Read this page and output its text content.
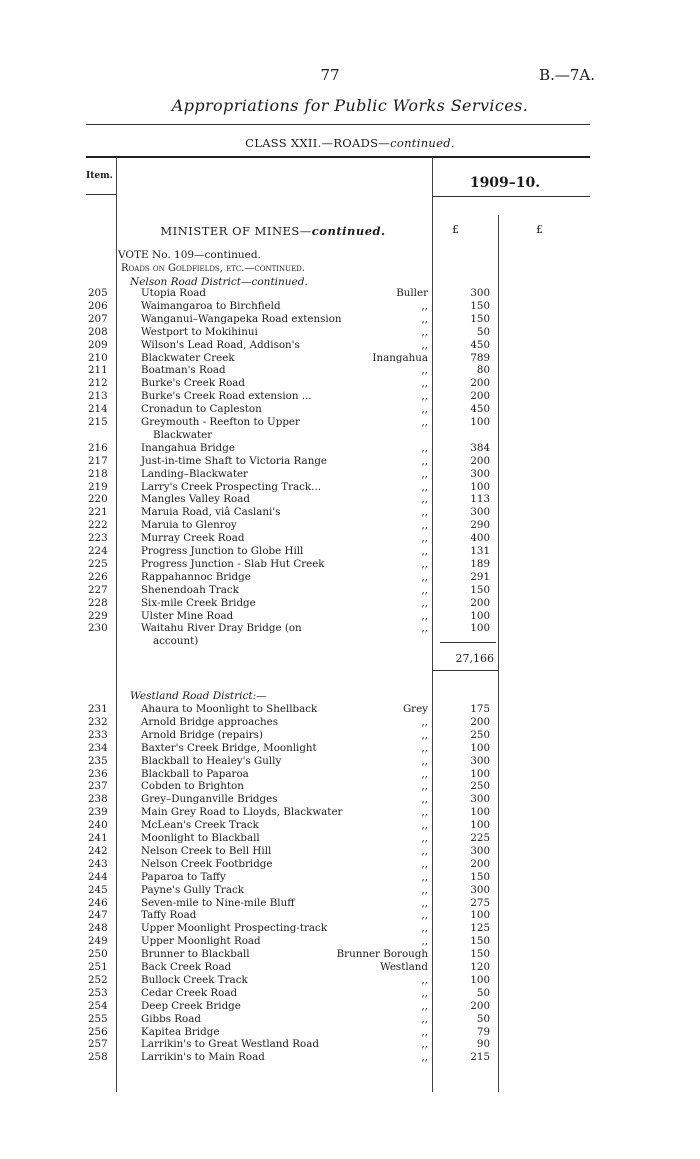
77	B.—7A.
Appropriations for Public Works Services.
CLASS XXII.—ROADS—continued.
Item.	1909–10.
MINISTER OF MINES—continued.	£	£
VOTE No. 109—continued.
Roads on Goldfields, etc.—continued.
Nelson Road District—continued.
205	Utopia Road	Buller	300
206	Waimangaroa to Birchfield	,,	150
207	Wanganui–Wangapeka Road extension	,,	150
208	Westport to Mokihinui	,,	50
209	Wilson's Lead Road, Addison's	,,	450
210	Blackwater Creek	Inangahua	789
211	Boatman's Road	,,	80
212	Burke's Creek Road	,,	200
213	Burke's Creek Road extension ...	,,	200
214	Cronadun to Capleston	,,	450
215	Greymouth - Reefton to Upper	,,	100
Blackwater
216	Inangahua Bridge	,,	384
217	Just-in-time Shaft to Victoria Range	,,	200
218	Landing–Blackwater	,,	300
219	Larry's Creek Prospecting Track...	,,	100
220	Mangles Valley Road	,,	113
221	Maruia Road, viâ Caslani's	,,	300
222	Maruia to Glenroy	,,	290
223	Murray Creek Road	,,	400
224	Progress Junction to Globe Hill	,,	131
225	Progress Junction - Slab Hut Creek	,,	189
226	Rappahannoc Bridge	,,	291
227	Shenendoah Track	,,	150
228	Six-mile Creek Bridge	,,	200
229	Ulster Mine Road	,,	100
230	Waitahu River Dray Bridge (on	,,	100
account)
27,166
Westland Road District:—
231	Ahaura to Moonlight to Shellback	Grey	175
232	Arnold Bridge approaches	,,	200
233	Arnold Bridge (repairs)	,,	250
234	Baxter's Creek Bridge, Moonlight	,,	100
235	Blackball to Healey's Gully	,,	300
236	Blackball to Paparoa	,,	100
237	Cobden to Brighton	,,	250
238	Grey–Dunganville Bridges	,,	300
239	Main Grey Road to Lloyds, Blackwater	,,	100
240	McLean's Creek Track	,,	100
241	Moonlight to Blackball	,,	225
242	Nelson Creek to Bell Hill	,,	300
243	Nelson Creek Footbridge	,,	200
244	Paparoa to Taffy	,,	150
245	Payne's Gully Track	,,	300
246	Seven-mile to Nine-mile Bluff	,,	275
247	Taffy Road	,,	100
248	Upper Moonlight Prospecting-track	,,	125
249	Upper Moonlight Road	,,	150
250	Brunner to Blackball	Brunner Borough	150
251	Back Creek Road	Westland	120
252	Bullock Creek Track	,,	100
253	Cedar Creek Road	,,	50
254	Deep Creek Bridge	,,	200
255	Gibbs Road	,,	50
256	Kapitea Bridge	,,	79
257	Larrikin's to Great Westland Road	,,	90
258	Larrikin's to Main Road	,,	215
